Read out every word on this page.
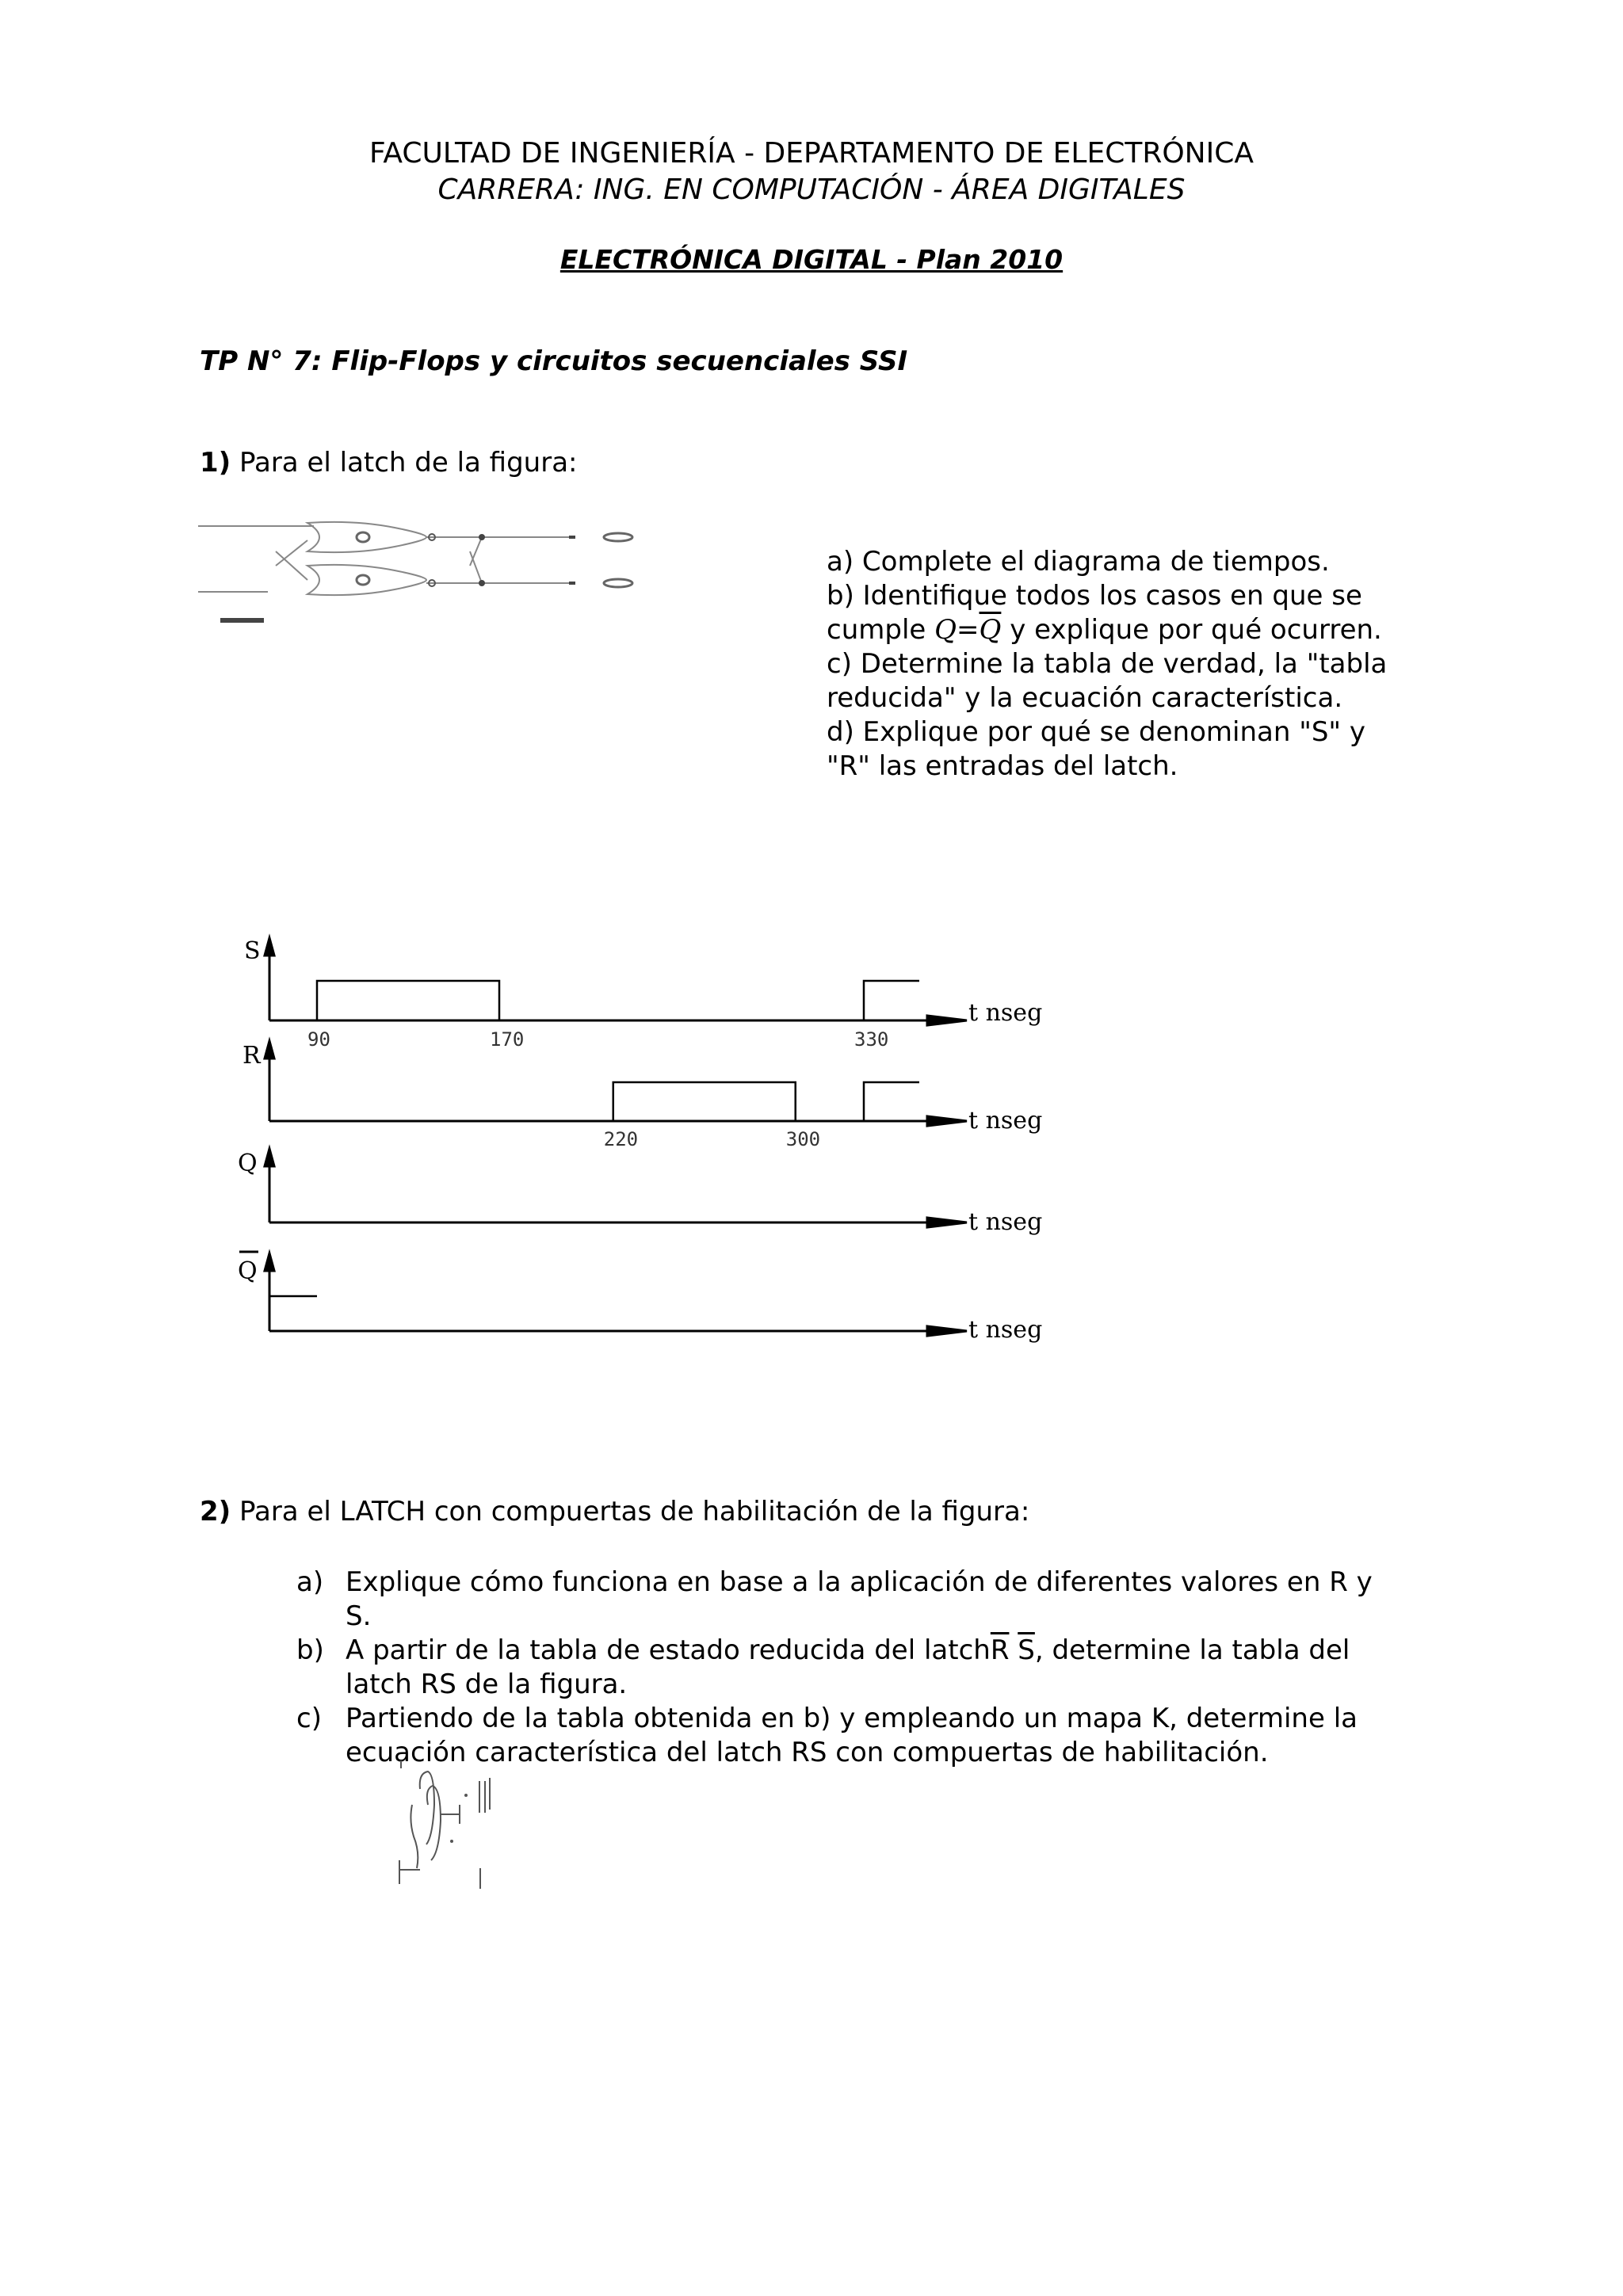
FACULTAD DE INGENIERÍA - DEPARTAMENTO DE ELECTRÓNICA
CARRERA: ING. EN COMPUTACIÓN - ÁREA DIGITALES
ELECTRÓNICA DIGITAL - Plan 2010
TP N° 7: Flip-Flops y circuitos secuenciales SSI
1) Para el latch de la figura:
a) Complete el diagrama de tiempos.
b) Identifique todos los casos en que se
cumple $Q=\overline{Q}$ y explique por qué ocurren.
c) Determine la tabla de verdad, la "tabla
reducida" y la ecuación característica.
d) Explique por qué se denominan "S" y
"R" las entradas del latch.
S
R
Q
Q
t nseg
t nseg
t nseg
t nseg
90	170	330
220	300
2) Para el LATCH con compuertas de habilitación de la figura:
a) Explique cómo funciona en base a la aplicación de diferentes valores en R y
S.
b) A partir de la tabla de estado reducida del $latch\overline{R}$ $\overline{S}$, determine la tabla del
latch RS de la figura.
c) Partiendo de la tabla obtenida en b) y empleando un mapa K, determine la
ecuación característica del latch RS con compuertas de habilitación.
